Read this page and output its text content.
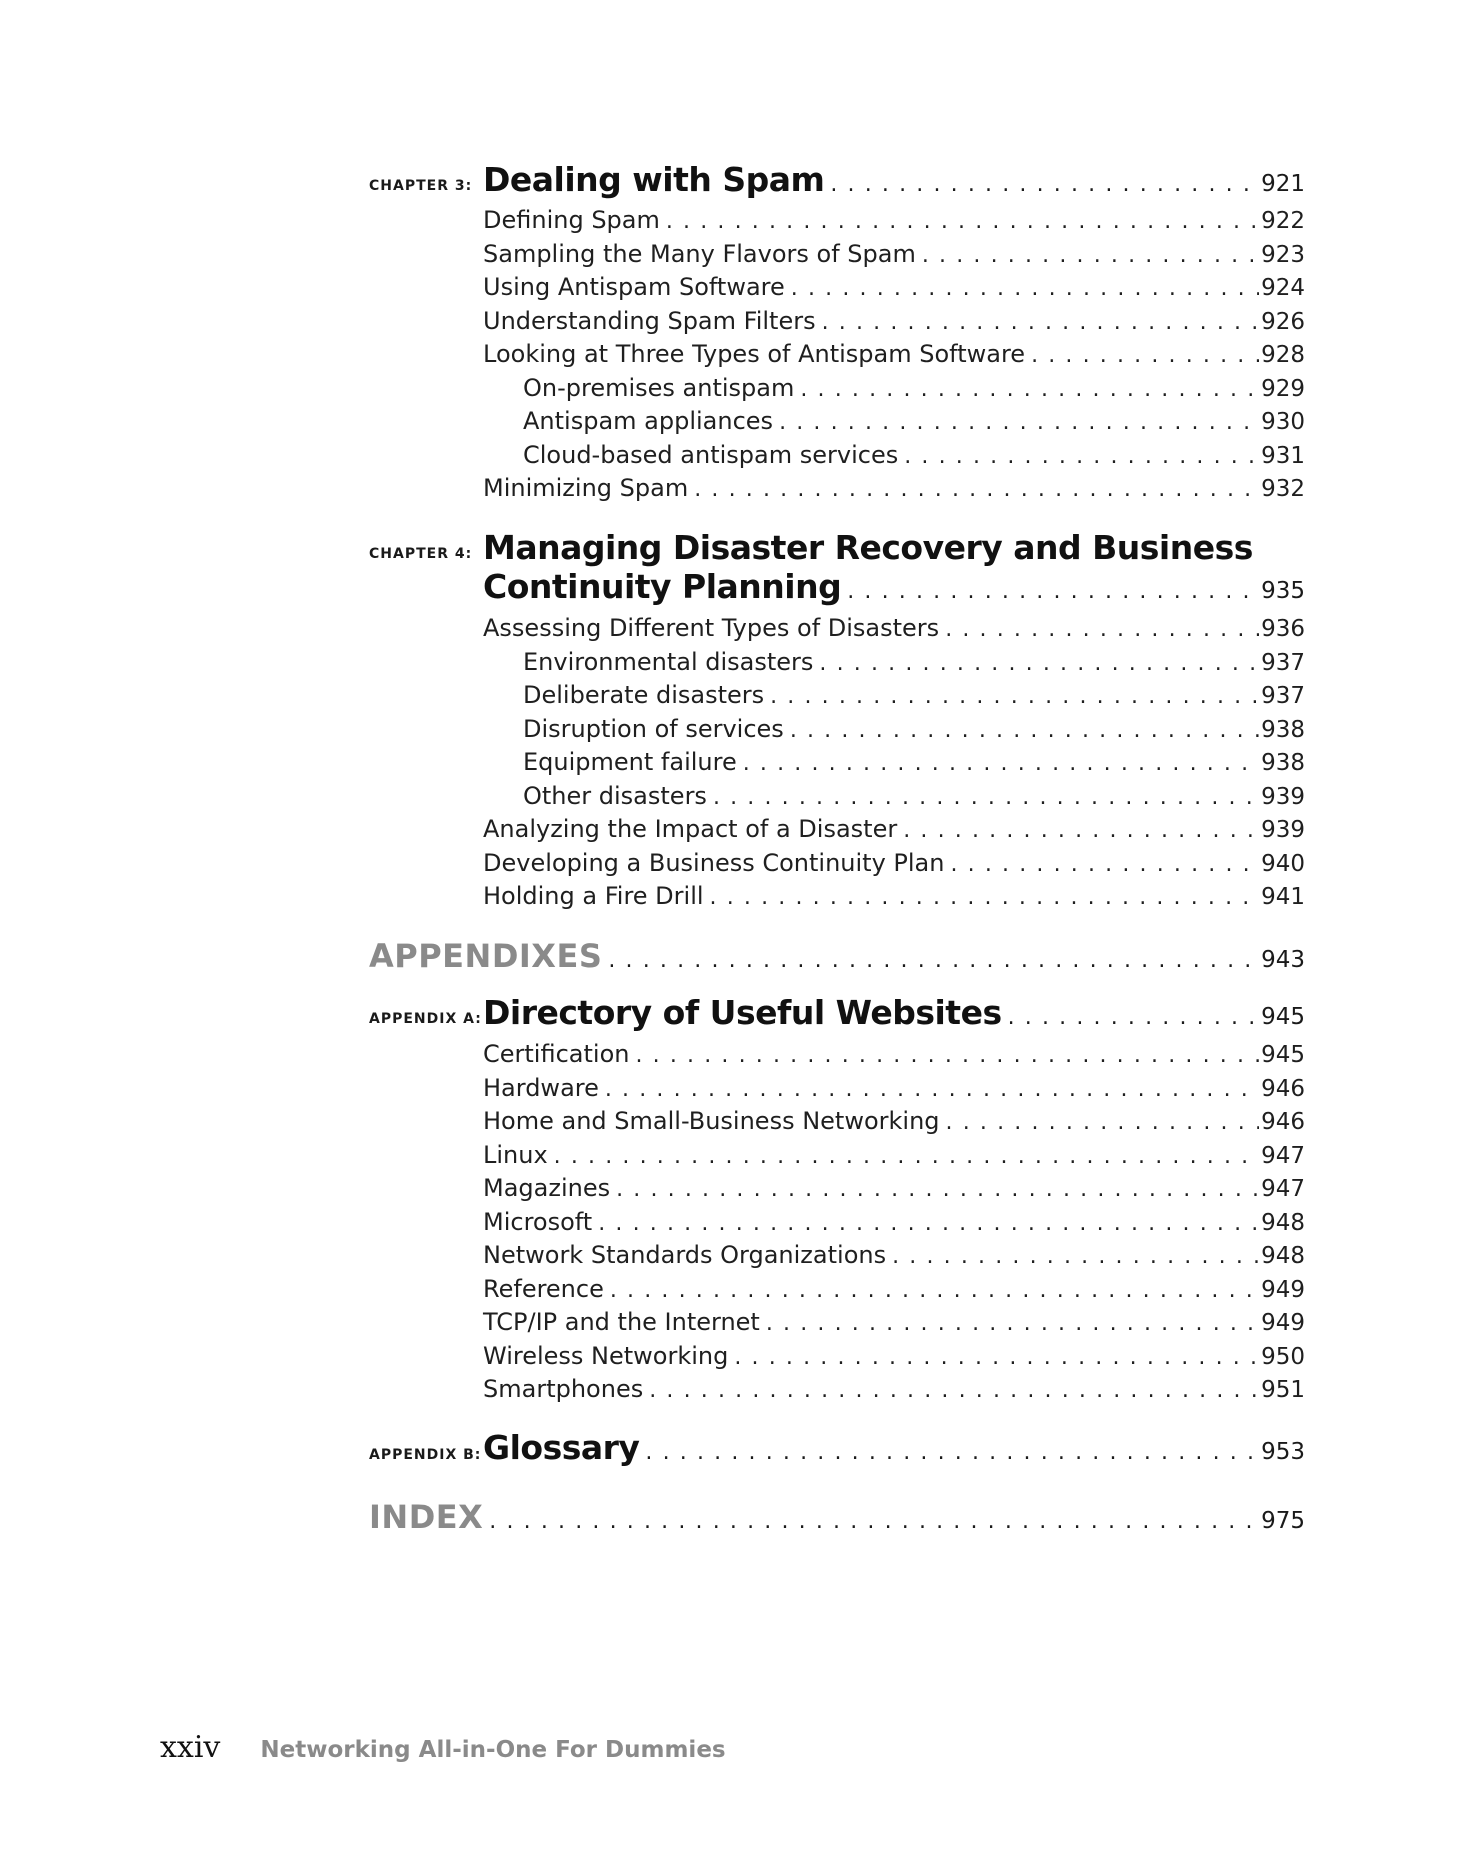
CHAPTER 3: Dealing with Spam . . .	921
Defining Spam . . .	922
Sampling the Many Flavors of Spam . . .	923
Using Antispam Software . . .	924
Understanding Spam Filters . . .	926
Looking at Three Types of Antispam Software . . .	928
On-premises antispam . . .	929
Antispam appliances . . .	930
Cloud-based antispam services . . .	931
Minimizing Spam . . .	932
CHAPTER 4: Managing Disaster Recovery and Business
Continuity Planning . . .	935
Assessing Different Types of Disasters . . .	936
Environmental disasters . . .	937
Deliberate disasters . . .	937
Disruption of services . . .	938
Equipment failure . . .	938
Other disasters . . .	939
Analyzing the Impact of a Disaster . . .	939
Developing a Business Continuity Plan . . .	940
Holding a Fire Drill . . .	941
APPENDIXES . . .	943
APPENDIX A: Directory of Useful Websites . . .	945
Certification . . .	945
Hardware . . .	946
Home and Small-Business Networking . . .	946
Linux . . .	947
Magazines . . .	947
Microsoft . . .	948
Network Standards Organizations . . .	948
Reference . . .	949
TCP/IP and the Internet . . .	949
Wireless Networking . . .	950
Smartphones . . .	951
APPENDIX B: Glossary . . .	953
INDEX . . .	975
xxiv Networking All-in-One For Dummies
